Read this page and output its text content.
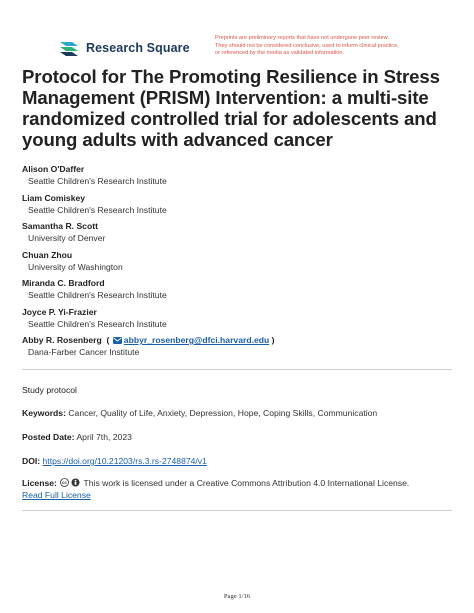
Research Square
Preprints are preliminary reports that have not undergone peer review.
They should not be considered conclusive, used to inform clinical practice,
or referenced by the media as validated information.
Protocol for The Promoting Resilience in Stress Management (PRISM) Intervention: a multi-site randomized controlled trial for adolescents and young adults with advanced cancer
Alison O'Daffer
Seattle Children's Research Institute
Liam Comiskey
Seattle Children's Research Institute
Samantha R. Scott
University of Denver
Chuan Zhou
University of Washington
Miranda C. Bradford
Seattle Children's Research Institute
Joyce P. Yi-Frazier
Seattle Children's Research Institute
Abby R. Rosenberg ( abbyr_rosenberg@dfci.harvard.edu )
Dana-Farber Cancer Institute
Study protocol
Keywords: Cancer, Quality of Life, Anxiety, Depression, Hope, Coping Skills, Communication
Posted Date: April 7th, 2023
DOI: https://doi.org/10.21203/rs.3.rs-2748874/v1
License: cc This work is licensed under a Creative Commons Attribution 4.0 International License.
Read Full License
Page 1/16
